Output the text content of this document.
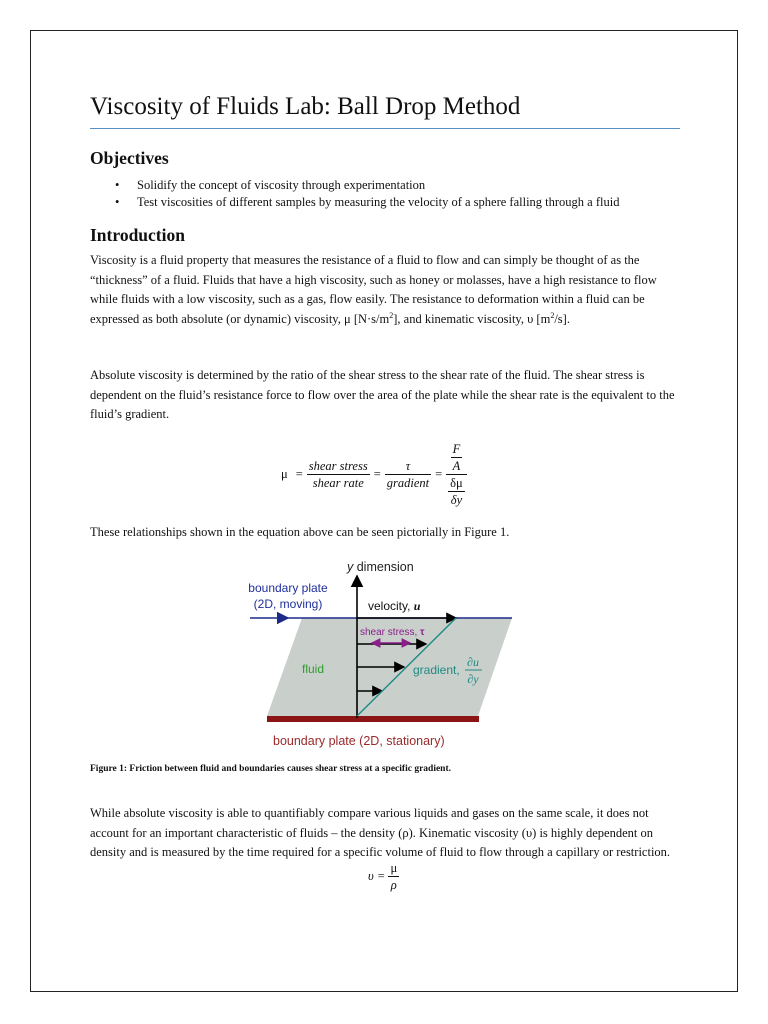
Viscosity of Fluids Lab: Ball Drop Method
Objectives
• Solidify the concept of viscosity through experimentation
• Test viscosities of different samples by measuring the velocity of a sphere falling through a fluid
Introduction

Viscosity is a fluid property that measures the resistance of a fluid to flow and can simply be thought of as the “thickness” of a fluid. Fluids that have a high viscosity, such as honey or molasses, have a high resistance to flow while fluids with a low viscosity, such as a gas, flow easily. The resistance to deformation within a fluid can be expressed as both absolute (or dynamic) viscosity, μ $[N\cdot s/m^2]$, and kinematic viscosity, υ $[m^2/s]$.

Absolute viscosity is determined by the ratio of the shear stress to the shear rate of the fluid. The shear stress is dependent on the fluid’s resistance force to flow over the area of the plate while the shear rate is the equivalent to the fluid’s gradient.

$\mu = \frac{\text{shear stress}}{\text{shear rate}} = \frac{\tau}{\text{gradient}} = \frac{\frac{F}{A}}{\frac{\delta\mu}{\delta y}}$

These relationships shown in the equation above can be seen pictorially in Figure 1.

y dimension
boundary plate
(2D, moving)	velocity, u
shear stress, τ
fluid	gradient,
∂u
∂y
boundary plate (2D, stationary)

Figure 1: Friction between fluid and boundaries causes shear stress at a specific gradient.

While absolute viscosity is able to quantifiably compare various liquids and gases on the same scale, it does not account for an important characteristic of fluids – the density (ρ). Kinematic viscosity (υ) is highly dependent on density and is measured by the time required for a specific volume of fluid to flow through a capillary or restriction.

$\upsilon = \frac{\mu}{\rho}$
